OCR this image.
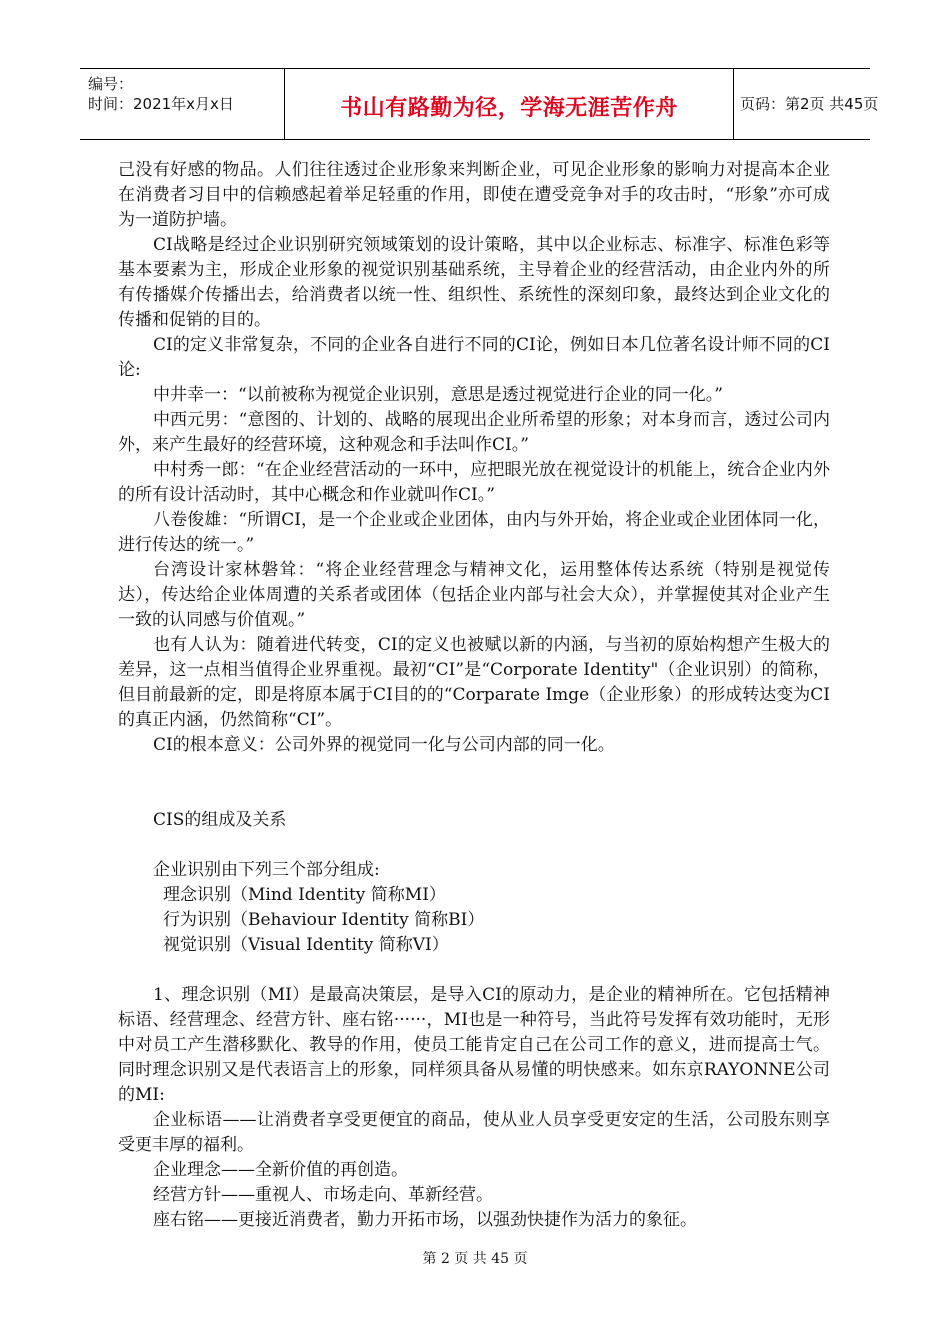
编号：
时间：2021年x月x日	书山有路勤为径，学海无涯苦作舟	页码：第2页 共45页

己没有好感的物品。人们往往透过企业形象来判断企业，可见企业形象的影响力对提高本企业在消费者习目中的信赖感起着举足轻重的作用，即使在遭受竞争对手的攻击时，“形象”亦可成为一道防护墙。

CI战略是经过企业识别研究领域策划的设计策略，其中以企业标志、标准字、标准色彩等基本要素为主，形成企业形象的视觉识别基础系统，主导着企业的经营活动，由企业内外的所有传播媒介传播出去，给消费者以统一性、组织性、系统性的深刻印象，最终达到企业文化的传播和促销的目的。

CI的定义非常复杂，不同的企业各自进行不同的CI论，例如日本几位著名设计师不同的CI论:

中井幸一：“以前被称为视觉企业识别，意思是透过视觉进行企业的同一化。”

中西元男：“意图的、计划的、战略的展现出企业所希望的形象；对本身而言，透过公司内外，来产生最好的经营环境，这种观念和手法叫作CI。”

中村秀一郎：“在企业经营活动的一环中，应把眼光放在视觉设计的机能上，统合企业内外的所有设计活动时，其中心概念和作业就叫作CI。”

八卷俊雄：“所谓CI，是一个企业或企业团体，由内与外开始，将企业或企业团体同一化，进行传达的统一。”

台湾设计家林磐耸：“将企业经营理念与精神文化，运用整体传达系统（特别是视觉传达），传达给企业体周遭的关系者或团体（包括企业内部与社会大众），并掌握使其对企业产生一致的认同感与价值观。”

也有人认为：随着进代转变，CI的定义也被赋以新的内涵，与当初的原始构想产生极大的差异，这一点相当值得企业界重视。最初“CI”是“Corporate Identity"（企业识别）的简称，但目前最新的定，即是将原本属于CI目的的“Corparate Imge（企业形象）的形成转达变为CI的真正内涵，仍然简称“CI”。

CI的根本意义：公司外界的视觉同一化与公司内部的同一化。

CIS的组成及关系

企业识别由下列三个部分组成:

理念识别（Mind Identity 简称MI）

行为识别（Behaviour Identity 简称BI）

视觉识别（Visual Identity 简称VI）

1、理念识别（MI）是最高决策层，是导入CI的原动力，是企业的精神所在。它包括精神标语、经营理念、经营方针、座右铭······，MI也是一种符号，当此符号发挥有效功能时，无形中对员工产生潜移默化、教导的作用，使员工能肯定自己在公司工作的意义，进而提高士气。同时理念识别又是代表语言上的形象，同样须具备从易懂的明快感来。如东京RAYONNE公司的MI:

企业标语——让消费者享受更便宜的商品，使从业人员享受更安定的生活，公司股东则享受更丰厚的福利。

企业理念——全新价值的再创造。

经营方针——重视人、市场走向、革新经营。

座右铭——更接近消费者，勤力开拓市场，以强劲快捷作为活力的象征。

第 2 页 共 45 页
